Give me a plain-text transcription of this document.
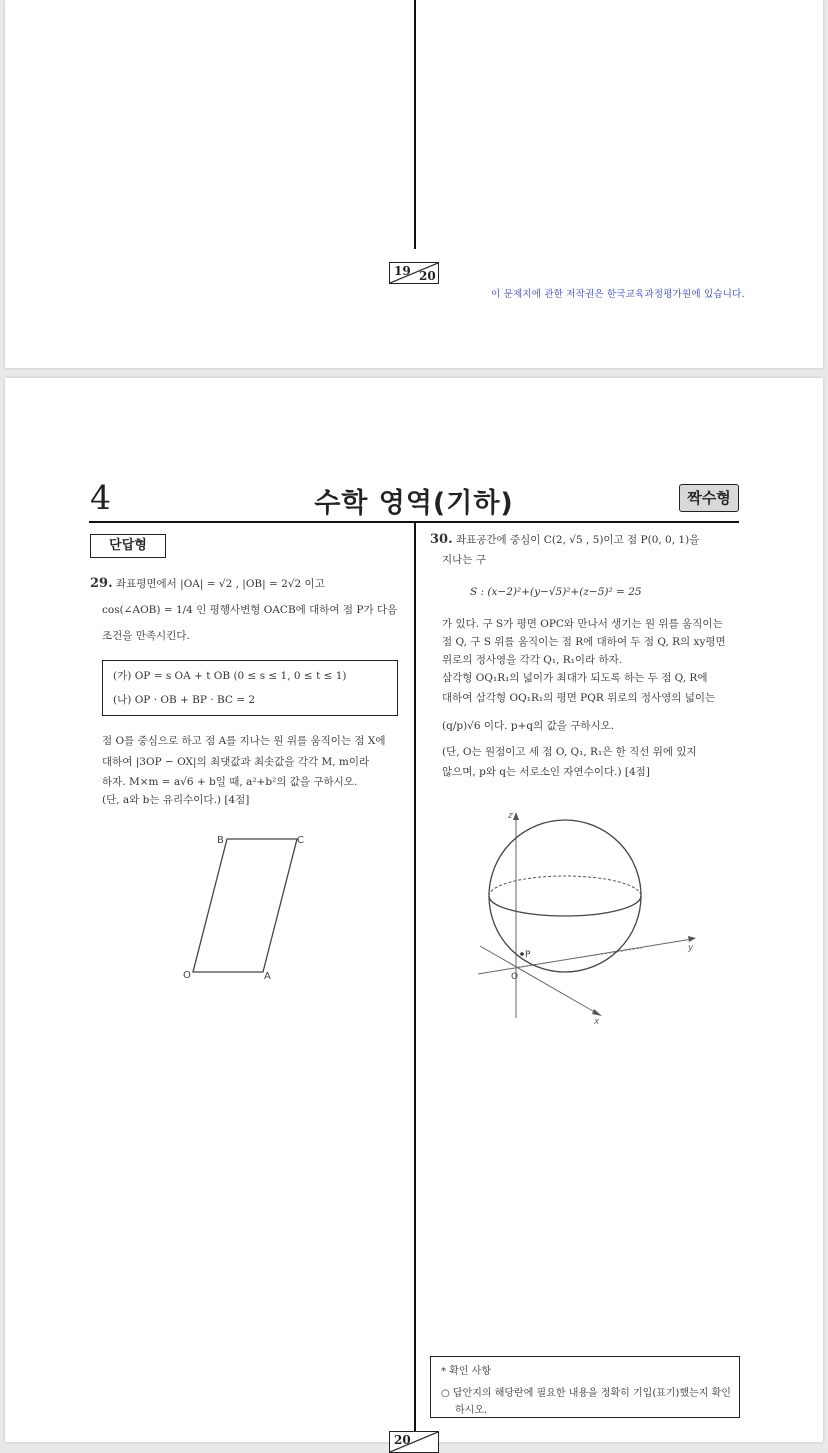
19 20
이 문제지에 관한 저작권은 한국교육과정평가원에 있습니다.
4	수학 영역(기하)	짝수형
단답형
29. 좌표평면에서 |OA| = √2 , |OB| = 2√2 이고
cos(∠AOB) = 1/4 인 평행사변형 OACB에 대하여 점 P가 다음
조건을 만족시킨다.
(가) OP = s OA + t OB (0 ≤ s ≤ 1, 0 ≤ t ≤ 1)
(나) OP · OB + BP · BC = 2
점 O를 중심으로 하고 점 A를 지나는 원 위를 움직이는 점 X에
대하여 |3OP − OX|의 최댓값과 최솟값을 각각 M, m이라
하자. M×m = a√6 + b일 때, a²+b²의 값을 구하시오.
(단, a와 b는 유리수이다.) [4점]
O	A
B	C
30. 좌표공간에 중심이 C(2, √5 , 5)이고 점 P(0, 0, 1)을
지나는 구
S : (x−2)²+(y−√5)²+(z−5)² = 25
가 있다. 구 S가 평면 OPC와 만나서 생기는 원 위를 움직이는
점 Q, 구 S 위를 움직이는 점 R에 대하여 두 점 Q, R의 xy평면
위로의 정사영을 각각 Q₁, R₁이라 하자.
삼각형 OQ₁R₁의 넓이가 최대가 되도록 하는 두 점 Q, R에
대하여 삼각형 OQ₁R₁의 평면 PQR 위로의 정사영의 넓이는
(q/p)√6 이다. p+q의 값을 구하시오.
(단, O는 원점이고 세 점 O, Q₁, R₁은 한 직선 위에 있지
않으며, p와 q는 서로소인 자연수이다.) [4점]
z
y
x
P
O
* 확인 사항
○ 답안지의 해당란에 필요한 내용을 정확히 기입(표기)했는지 확인
하시오.
20
